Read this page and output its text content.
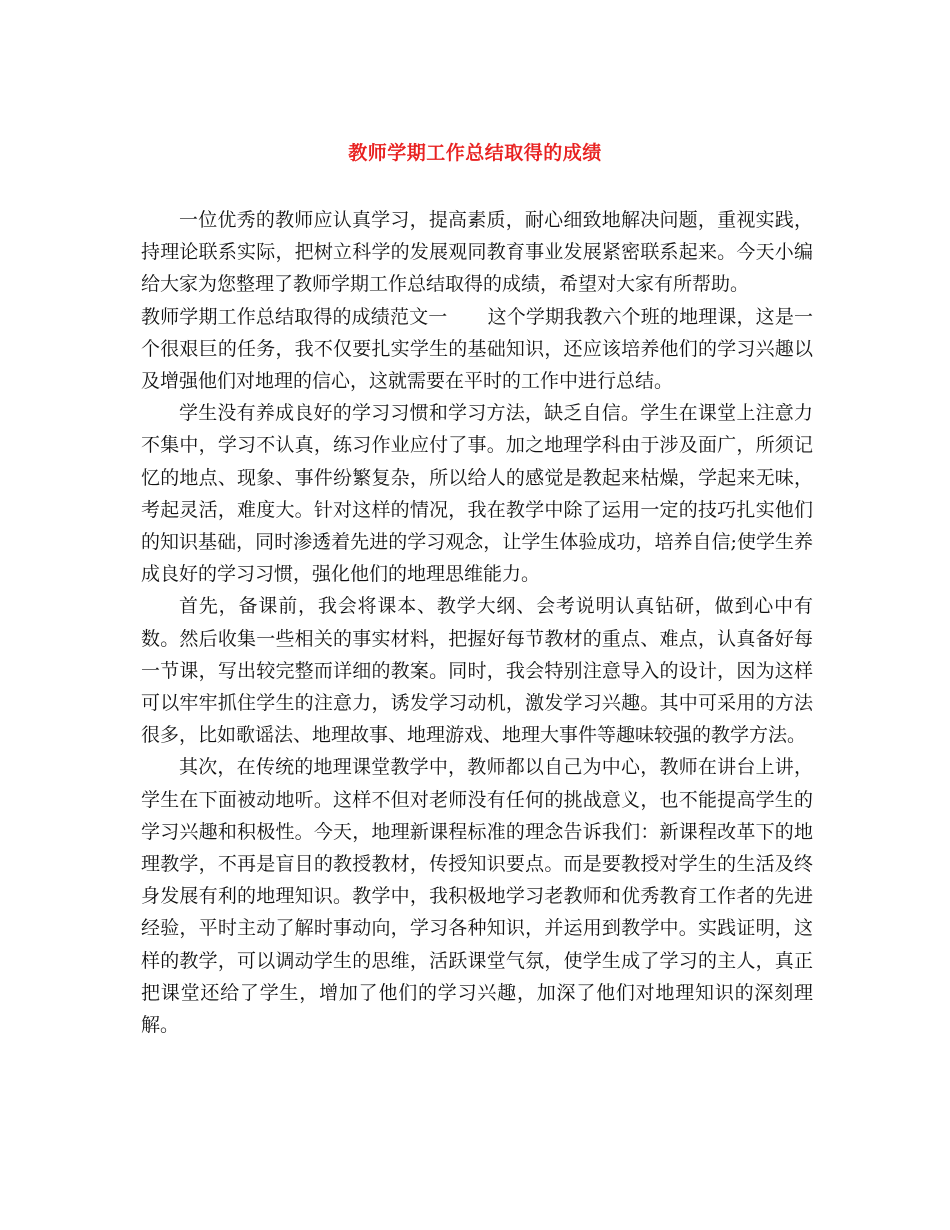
教师学期工作总结取得的成绩

一位优秀的教师应认真学习，提高素质，耐心细致地解决问题，重视实践，持理论联系实际，把树立科学的发展观同教育事业发展紧密联系起来。今天小编给大家为您整理了教师学期工作总结取得的成绩，希望对大家有所帮助。

教师学期工作总结取得的成绩范文一 这个学期我教六个班的地理课，这是一个很艰巨的任务，我不仅要扎实学生的基础知识，还应该培养他们的学习兴趣以及增强他们对地理的信心，这就需要在平时的工作中进行总结。

学生没有养成良好的学习习惯和学习方法，缺乏自信。学生在课堂上注意力不集中，学习不认真，练习作业应付了事。加之地理学科由于涉及面广，所须记忆的地点、现象、事件纷繁复杂，所以给人的感觉是教起来枯燥，学起来无味，考起灵活，难度大。针对这样的情况，我在教学中除了运用一定的技巧扎实他们的知识基础，同时渗透着先进的学习观念，让学生体验成功，培养自信;使学生养成良好的学习习惯，强化他们的地理思维能力。

首先，备课前，我会将课本、教学大纲、会考说明认真钻研，做到心中有数。然后收集一些相关的事实材料，把握好每节教材的重点、难点，认真备好每一节课，写出较完整而详细的教案。同时，我会特别注意导入的设计，因为这样可以牢牢抓住学生的注意力，诱发学习动机，激发学习兴趣。其中可采用的方法很多，比如歌谣法、地理故事、地理游戏、地理大事件等趣味较强的教学方法。

其次，在传统的地理课堂教学中，教师都以自己为中心，教师在讲台上讲，学生在下面被动地听。这样不但对老师没有任何的挑战意义，也不能提高学生的学习兴趣和积极性。今天，地理新课程标准的理念告诉我们：新课程改革下的地理教学，不再是盲目的教授教材，传授知识要点。而是要教授对学生的生活及终身发展有利的地理知识。教学中，我积极地学习老教师和优秀教育工作者的先进经验，平时主动了解时事动向，学习各种知识，并运用到教学中。实践证明，这样的教学，可以调动学生的思维，活跃课堂气氛，使学生成了学习的主人，真正把课堂还给了学生，增加了他们的学习兴趣，加深了他们对地理知识的深刻理解。
